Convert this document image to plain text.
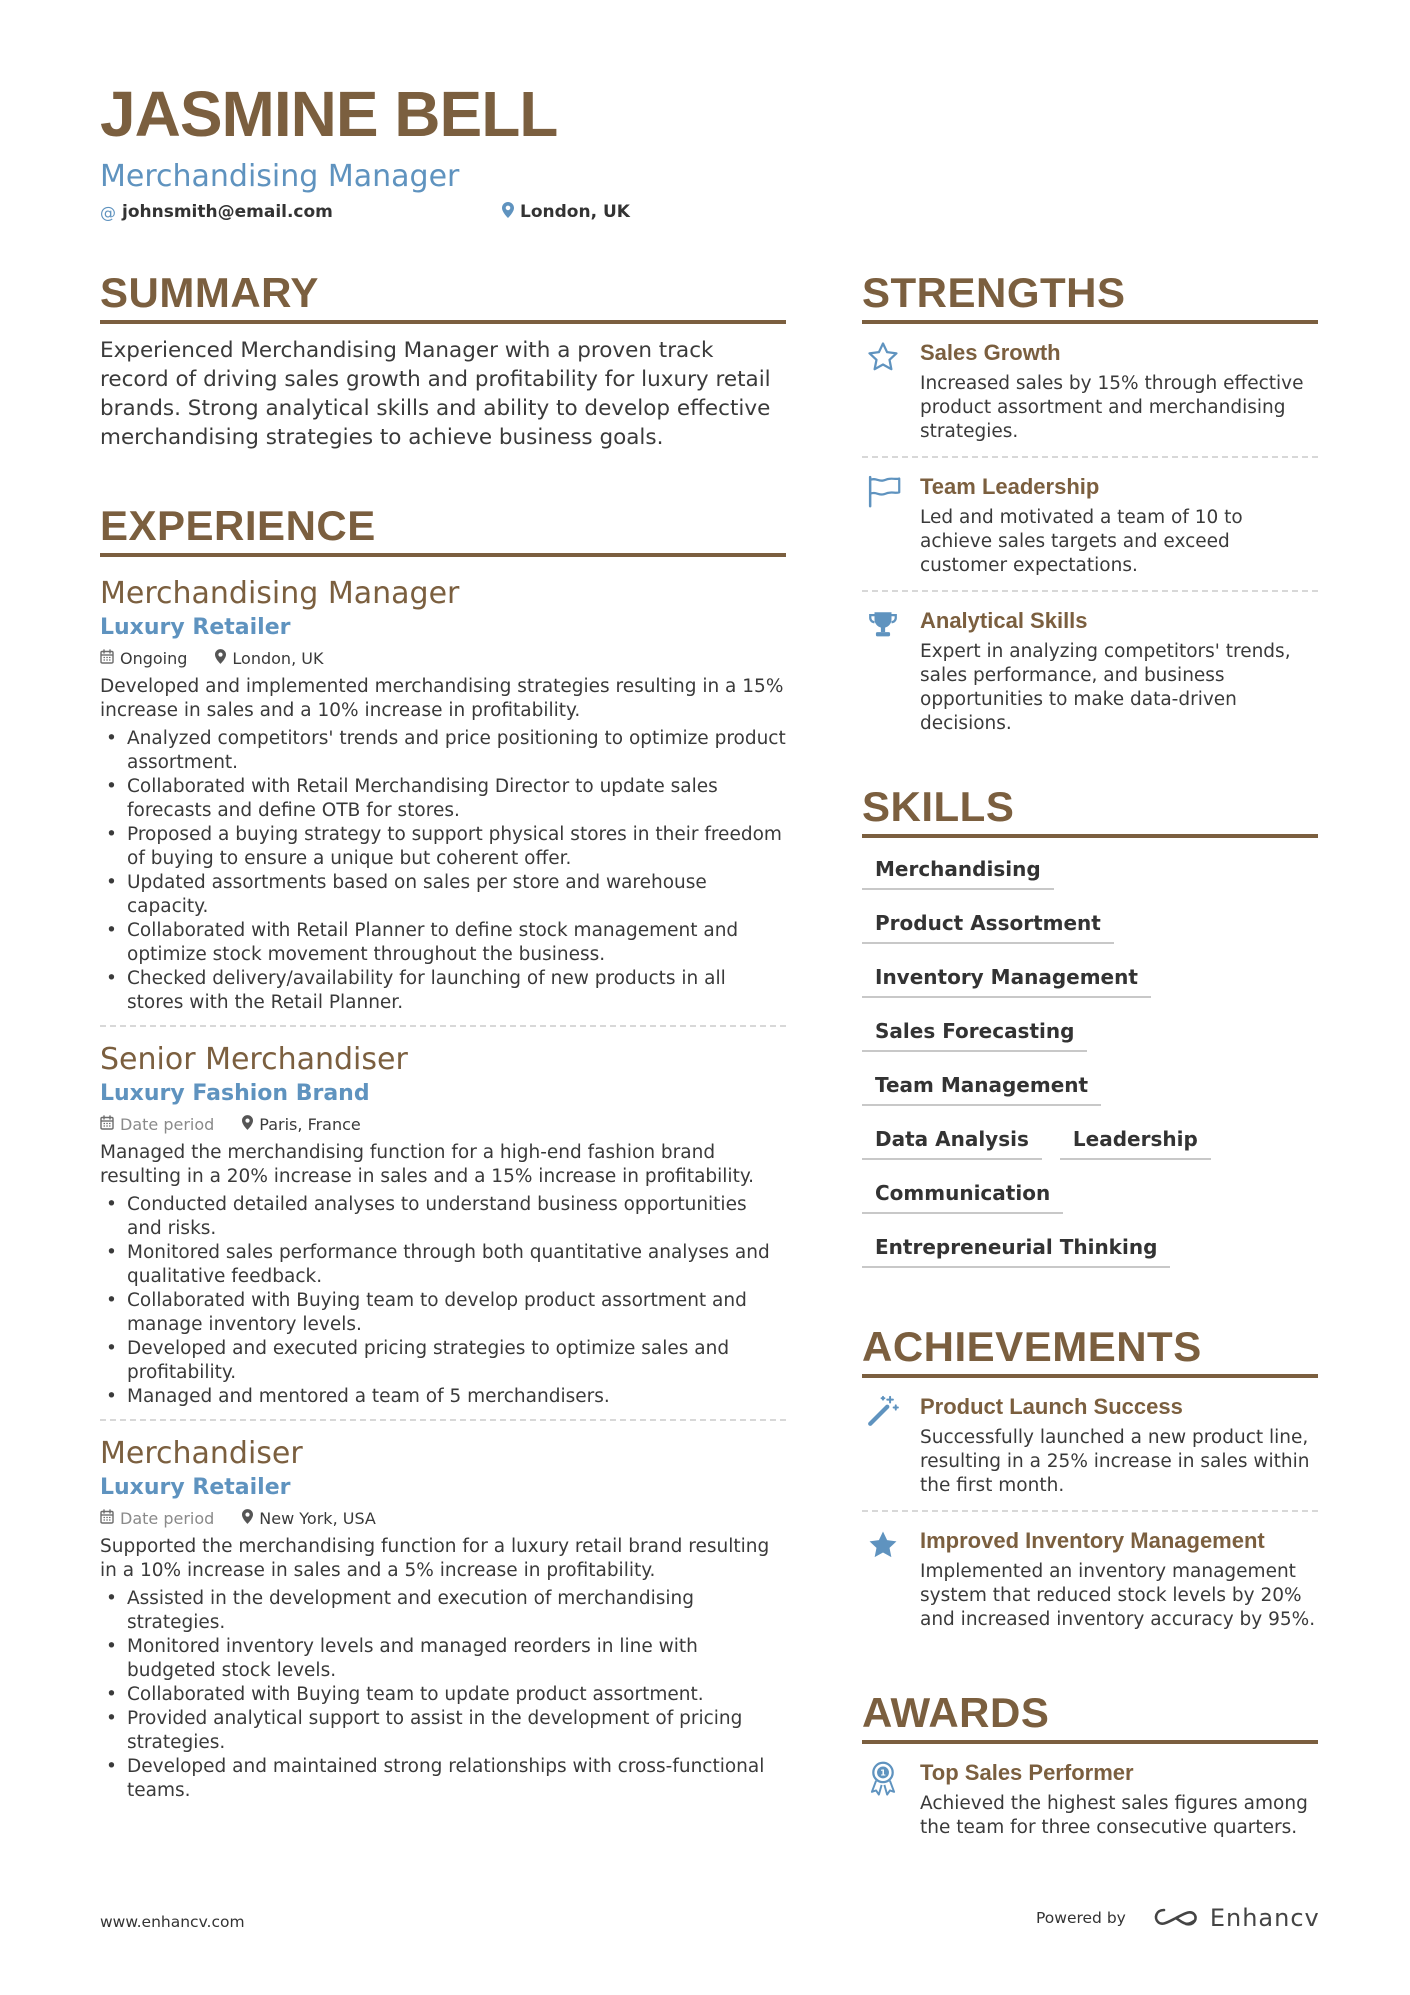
JASMINE BELL
Merchandising Manager
@ johnsmith@email.com	London, UK
SUMMARY

Experienced Merchandising Manager with a proven track record of driving sales growth and profitability for luxury retail brands. Strong analytical skills and ability to develop effective merchandising strategies to achieve business goals.

EXPERIENCE
Merchandising Manager
Luxury Retailer
Ongoing	London, UK
Developed and implemented merchandising strategies resulting in a 15% increase in sales and a 10% increase in profitability.
• Analyzed competitors' trends and price positioning to optimize product assortment.
• Collaborated with Retail Merchandising Director to update sales forecasts and define OTB for stores.
• Proposed a buying strategy to support physical stores in their freedom of buying to ensure a unique but coherent offer.
• Updated assortments based on sales per store and warehouse capacity.
• Collaborated with Retail Planner to define stock management and optimize stock movement throughout the business.
• Checked delivery/availability for launching of new products in all stores with the Retail Planner.
Senior Merchandiser
Luxury Fashion Brand
Date period	Paris, France
Managed the merchandising function for a high-end fashion brand resulting in a 20% increase in sales and a 15% increase in profitability.
• Conducted detailed analyses to understand business opportunities and risks.
• Monitored sales performance through both quantitative analyses and qualitative feedback.
• Collaborated with Buying team to develop product assortment and manage inventory levels.
• Developed and executed pricing strategies to optimize sales and profitability.
• Managed and mentored a team of 5 merchandisers.
Merchandiser
Luxury Retailer
Date period	New York, USA
Supported the merchandising function for a luxury retail brand resulting in a 10% increase in sales and a 5% increase in profitability.
• Assisted in the development and execution of merchandising strategies.
• Monitored inventory levels and managed reorders in line with budgeted stock levels.
• Collaborated with Buying team to update product assortment.
• Provided analytical support to assist in the development of pricing strategies.
• Developed and maintained strong relationships with cross-functional teams.
STRENGTHS
Sales Growth
Increased sales by 15% through effective product assortment and merchandising strategies.
Team Leadership
Led and motivated a team of 10 to achieve sales targets and exceed customer expectations.
Analytical Skills
Expert in analyzing competitors' trends, sales performance, and business opportunities to make data-driven decisions.
SKILLS
Merchandising
Product Assortment
Inventory Management
Sales Forecasting
Team Management
Data Analysis	Leadership
Communication
Entrepreneurial Thinking
ACHIEVEMENTS
Product Launch Success
Successfully launched a new product line, resulting in a 25% increase in sales within the first month.
Improved Inventory Management
Implemented an inventory management system that reduced stock levels by 20% and increased inventory accuracy by 95%.
AWARDS
1 Top Sales Performer
Achieved the highest sales figures among the team for three consecutive quarters.
www.enhancv.com	Powered by	Enhancv
